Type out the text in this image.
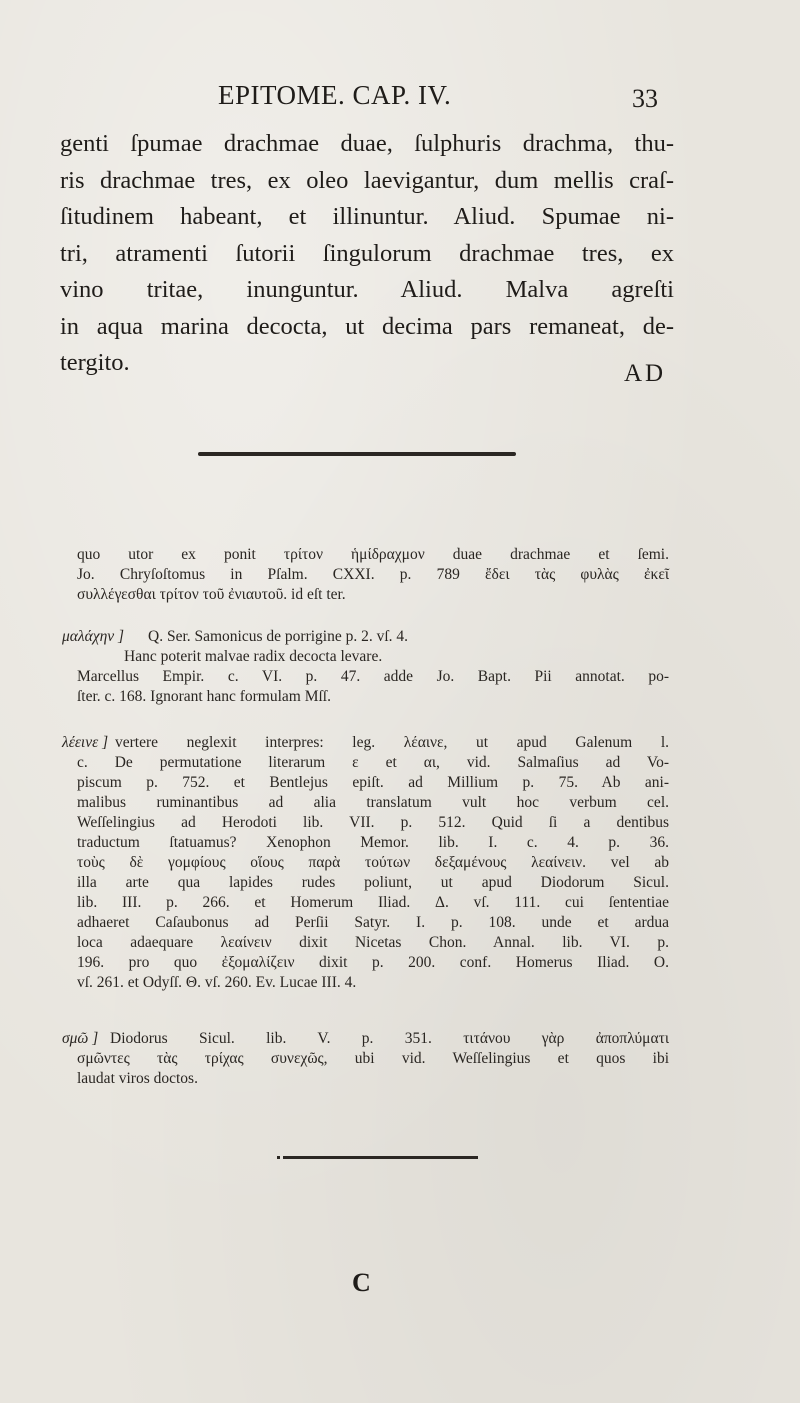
EPITOME. CAP. IV.	33
genti ſpumae drachmae duae, ſulphuris drachma, thu-
ris drachmae tres, ex oleo laevigantur, dum mellis craſ-
ſitudinem habeant, et illinuntur. Aliud. Spumae ni-
tri, atramenti ſutorii ſingulorum drachmae tres, ex
vino tritae, inunguntur. Aliud. Malva agreſti
in aqua marina decocta, ut decima pars remaneat, de-
tergito.	AD
quo utor ex ponit τρίτον ἡμίδραχμον duae drachmae et ſemi.
Jo. Chryſoſtomus in Pſalm. CXXI. p. 789 ἔδει τὰς φυλὰς ἐκεῖ
συλλέγεσθαι τρίτον τοῦ ἐνιαυτοῦ. id eſt ter.
μαλάχην ] Q. Ser. Samonicus de porrigine p. 2. vſ. 4.
Hanc poterit malvae radix decocta levare.
Marcellus Empir. c. VI. p. 47. adde Jo. Bapt. Pii annotat. po-
ſter. c. 168. Ignorant hanc formulam Mſſ.
λέεινε ] vertere neglexit interpres: leg. λέαινε, ut apud Galenum l.
c. De permutatione literarum ε et αι, vid. Salmaſius ad Vo-
piscum p. 752. et Bentlejus epiſt. ad Millium p. 75. Ab ani-
malibus ruminantibus ad alia translatum vult hoc verbum cel.
Weſſelingius ad Herodoti lib. VII. p. 512. Quid ſi a dentibus
traductum ſtatuamus? Xenophon Memor. lib. I. c. 4. p. 36.
τοὺς δὲ γομφίους οἵους παρὰ τούτων δεξαμένους λεαίνειν. vel ab
illa arte qua lapides rudes poliunt, ut apud Diodorum Sicul.
lib. III. p. 266. et Homerum Iliad. Δ. vſ. 111. cui ſententiae
adhaeret Caſaubonus ad Perſii Satyr. I. p. 108. unde et ardua
loca adaequare λεαίνειν dixit Nicetas Chon. Annal. lib. VI. p.
196. pro quo ἐξομαλίζειν dixit p. 200. conf. Homerus Iliad. O.
vſ. 261. et Odyſſ. Θ. vſ. 260. Ev. Lucae III. 4.
σμῶ ] Diodorus Sicul. lib. V. p. 351. τιτάνου γὰρ ἀποπλύματι
σμῶντες τὰς τρίχας συνεχῶς, ubi vid. Weſſelingius et quos ibi
laudat viros doctos.
C
